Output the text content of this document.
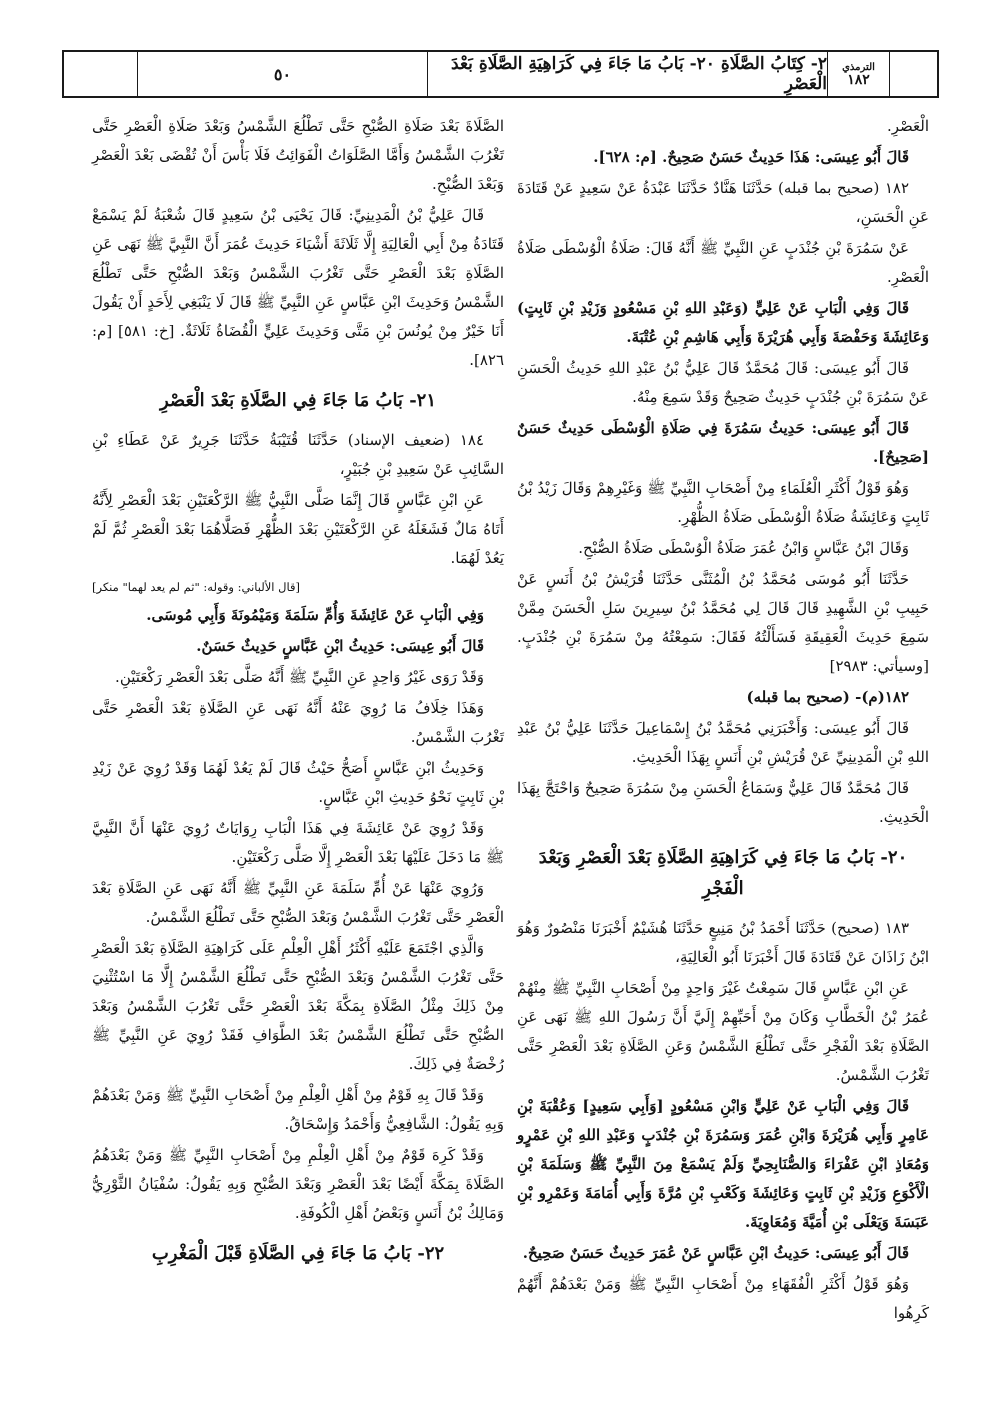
الترمذي
١٨٢
٢- كِتَابُ الصَّلَاةِ ٢٠- بَابُ مَا جَاءَ فِي كَرَاهِيَةِ الصَّلَاةِ بَعْدَ الْعَصْرِ
٥٠

الْعَصْرِ.

قَالَ أَبُو عِيسَى: هَذَا حَدِيثٌ حَسَنٌ صَحِيحٌ. [م: ٦٢٨].

١٨٢ (صحيح بما قبله) حَدَّثَنَا هَنَّادٌ حَدَّثَنَا عَبْدَةُ عَنْ سَعِيدٍ عَنْ قَتَادَةَ عَنِ الْحَسَنِ،

عَنْ سَمُرَةَ بْنِ جُنْدَبٍ عَنِ النَّبِيِّ ﷺ أَنَّهُ قَالَ: صَلَاةُ الْوُسْطَى صَلَاةُ الْعَصْرِ.

قَالَ وَفِي الْبَابِ عَنْ عَلِيٍّ (وَعَبْدِ اللهِ بْنِ مَسْعُودٍ وَزَيْدِ بْنِ ثَابِتٍ) وَعَائِشَةَ وَحَفْصَةَ وَأَبِي هُرَيْرَةَ وَأَبِي هَاشِمِ بْنِ عُتْبَةَ.

قَالَ أَبُو عِيسَى: قَالَ مُحَمَّدٌ قَالَ عَلِيُّ بْنُ عَبْدِ اللهِ حَدِيثُ الْحَسَنِ عَنْ سَمُرَةَ بْنِ جُنْدَبٍ حَدِيثٌ صَحِيحٌ وَقَدْ سَمِعَ مِنْهُ.

قَالَ أَبُو عِيسَى: حَدِيثُ سَمُرَةَ فِي صَلَاةِ الْوُسْطَى حَدِيثٌ حَسَنٌ [صَحِيحٌ].

وَهُوَ قَوْلُ أَكْثَرِ الْعُلَمَاءِ مِنْ أَصْحَابِ النَّبِيِّ ﷺ وَغَيْرِهِمْ وَقَالَ زَيْدُ بْنُ ثَابِتٍ وَعَائِشَةُ صَلَاةُ الْوُسْطَى صَلَاةُ الظُّهْرِ.

وَقَالَ ابْنُ عَبَّاسٍ وَابْنُ عُمَرَ صَلَاةُ الْوُسْطَى صَلَاةُ الصُّبْحِ.

حَدَّثَنَا أَبُو مُوسَى مُحَمَّدُ بْنُ الْمُثَنَّى حَدَّثَنَا قُرَيْشُ بْنُ أَنَسٍ عَنْ حَبِيبِ بْنِ الشَّهِيدِ قَالَ قَالَ لِي مُحَمَّدُ بْنُ سِيرِينَ سَلِ الْحَسَنَ مِمَّنْ سَمِعَ حَدِيثَ الْعَقِيقَةِ فَسَأَلْتُهُ فَقَالَ: سَمِعْتُهُ مِنْ سَمُرَةَ بْنِ جُنْدَبٍ. [وسيأتي: ٢٩٨٣]

١٨٢(م)- (صحيح بما قبله)

قَالَ أَبُو عِيسَى: وَأَخْبَرَنِي مُحَمَّدُ بْنُ إِسْمَاعِيلَ حَدَّثَنَا عَلِيُّ بْنُ عَبْدِ اللهِ بْنِ الْمَدِينِيِّ عَنْ قُرَيْشِ بْنِ أَنَسٍ بِهَذَا الْحَدِيثِ.

قَالَ مُحَمَّدٌ قَالَ عَلِيٌّ وَسَمَاعُ الْحَسَنِ مِنْ سَمُرَةَ صَحِيحٌ وَاحْتَجَّ بِهَذَا الْحَدِيثِ.

٢٠- بَابُ مَا جَاءَ فِي كَرَاهِيَةِ الصَّلَاةِ بَعْدَ الْعَصْرِ وَبَعْدَ الْفَجْرِ

١٨٣ (صحيح) حَدَّثَنَا أَحْمَدُ بْنُ مَنِيعٍ حَدَّثَنَا هُشَيْمٌ أَخْبَرَنَا مَنْصُورٌ وَهُوَ ابْنُ زَاذَانَ عَنْ قَتَادَةَ قَالَ أَخْبَرَنَا أَبُو الْعَالِيَةِ،

عَنِ ابْنِ عَبَّاسٍ قَالَ سَمِعْتُ غَيْرَ وَاحِدٍ مِنْ أَصْحَابِ النَّبِيِّ ﷺ مِنْهُمْ عُمَرُ بْنُ الْخَطَّابِ وَكَانَ مِنْ أَحَبِّهِمْ إِلَيَّ أَنَّ رَسُولَ اللهِ ﷺ نَهَى عَنِ الصَّلَاةِ بَعْدَ الْفَجْرِ حَتَّى تَطْلُعَ الشَّمْسُ وَعَنِ الصَّلَاةِ بَعْدَ الْعَصْرِ حَتَّى تَغْرُبَ الشَّمْسُ.

قَالَ وَفِي الْبَابِ عَنْ عَلِيٍّ وَابْنِ مَسْعُودٍ [وَأَبِي سَعِيدٍ] وَعُقْبَةَ بْنِ عَامِرٍ وَأَبِي هُرَيْرَةَ وَابْنِ عُمَرَ وَسَمُرَةَ بْنِ جُنْدَبٍ وَعَبْدِ اللهِ بْنِ عَمْرٍو وَمُعَاذِ ابْنِ عَفْرَاءَ وَالصُّنَابِحِيِّ وَلَمْ يَسْمَعْ مِنَ النَّبِيِّ ﷺ وَسَلَمَةَ بْنِ الْأَكْوَعِ وَزَيْدِ بْنِ ثَابِتٍ وَعَائِشَةَ وَكَعْبِ بْنِ مُرَّةَ وَأَبِي أُمَامَةَ وَعَمْرِو بْنِ عَبَسَةَ وَيَعْلَى بْنِ أُمَيَّةَ وَمُعَاوِيَةَ.

قَالَ أَبُو عِيسَى: حَدِيثُ ابْنِ عَبَّاسٍ عَنْ عُمَرَ حَدِيثٌ حَسَنٌ صَحِيحٌ.

وَهُوَ قَوْلُ أَكْثَرِ الْفُقَهَاءِ مِنْ أَصْحَابِ النَّبِيِّ ﷺ وَمَنْ بَعْدَهُمْ أَنَّهُمْ كَرِهُوا

الصَّلَاةَ بَعْدَ صَلَاةِ الصُّبْحِ حَتَّى تَطْلُعَ الشَّمْسُ وَبَعْدَ صَلَاةِ الْعَصْرِ حَتَّى تَغْرُبَ الشَّمْسُ وَأَمَّا الصَّلَوَاتُ الْفَوَائِتُ فَلَا بَأْسَ أَنْ تُقْضَى بَعْدَ الْعَصْرِ وَبَعْدَ الصُّبْحِ.

قَالَ عَلِيُّ بْنُ الْمَدِينِيِّ: قَالَ يَحْيَى بْنُ سَعِيدٍ قَالَ شُعْبَةُ لَمْ يَسْمَعْ قَتَادَةُ مِنْ أَبِي الْعَالِيَةِ إِلَّا ثَلَاثَةَ أَشْيَاءَ حَدِيثَ عُمَرَ أَنَّ النَّبِيَّ ﷺ نَهَى عَنِ الصَّلَاةِ بَعْدَ الْعَصْرِ حَتَّى تَغْرُبَ الشَّمْسُ وَبَعْدَ الصُّبْحِ حَتَّى تَطْلُعَ الشَّمْسُ وَحَدِيثَ ابْنِ عَبَّاسٍ عَنِ النَّبِيِّ ﷺ قَالَ لَا يَنْبَغِي لِأَحَدٍ أَنْ يَقُولَ أَنَا خَيْرٌ مِنْ يُونُسَ بْنِ مَتَّى وَحَدِيثَ عَلِيٍّ الْقُضَاةُ ثَلَاثَةٌ. [خ: ٥٨١] [م: ٨٢٦].

٢١- بَابُ مَا جَاءَ فِي الصَّلَاةِ بَعْدَ الْعَصْرِ

١٨٤ (ضعيف الإسناد) حَدَّثَنَا قُتَيْبَةُ حَدَّثَنَا جَرِيرٌ عَنْ عَطَاءِ بْنِ السَّائِبِ عَنْ سَعِيدِ بْنِ جُبَيْرٍ،

عَنِ ابْنِ عَبَّاسٍ قَالَ إِنَّمَا صَلَّى النَّبِيُّ ﷺ الرَّكْعَتَيْنِ بَعْدَ الْعَصْرِ لِأَنَّهُ أَتَاهُ مَالٌ فَشَغَلَهُ عَنِ الرَّكْعَتَيْنِ بَعْدَ الظُّهْرِ فَصَلَّاهُمَا بَعْدَ الْعَصْرِ ثُمَّ لَمْ يَعُدْ لَهُمَا.

[قال الألباني: وقوله: "ثم لم يعد لهما" منكر]

وَفِي الْبَابِ عَنْ عَائِشَةَ وَأُمِّ سَلَمَةَ وَمَيْمُونَةَ وَأَبِي مُوسَى.

قَالَ أَبُو عِيسَى: حَدِيثُ ابْنِ عَبَّاسٍ حَدِيثٌ حَسَنٌ.

وَقَدْ رَوَى غَيْرُ وَاحِدٍ عَنِ النَّبِيِّ ﷺ أَنَّهُ صَلَّى بَعْدَ الْعَصْرِ رَكْعَتَيْنِ.

وَهَذَا خِلَافُ مَا رُوِيَ عَنْهُ أَنَّهُ نَهَى عَنِ الصَّلَاةِ بَعْدَ الْعَصْرِ حَتَّى تَغْرُبَ الشَّمْسُ.

وَحَدِيثُ ابْنِ عَبَّاسٍ أَصَحُّ حَيْثُ قَالَ لَمْ يَعُدْ لَهُمَا وَقَدْ رُوِيَ عَنْ زَيْدِ بْنِ ثَابِتٍ نَحْوُ حَدِيثِ ابْنِ عَبَّاسٍ.

وَقَدْ رُوِيَ عَنْ عَائِشَةَ فِي هَذَا الْبَابِ رِوَايَاتٌ رُوِيَ عَنْهَا أَنَّ النَّبِيَّ ﷺ مَا دَخَلَ عَلَيْهَا بَعْدَ الْعَصْرِ إِلَّا صَلَّى رَكْعَتَيْنِ.

وَرُوِيَ عَنْهَا عَنْ أُمِّ سَلَمَةَ عَنِ النَّبِيِّ ﷺ أَنَّهُ نَهَى عَنِ الصَّلَاةِ بَعْدَ الْعَصْرِ حَتَّى تَغْرُبَ الشَّمْسُ وَبَعْدَ الصُّبْحِ حَتَّى تَطْلُعَ الشَّمْسُ.

وَالَّذِي اجْتَمَعَ عَلَيْهِ أَكْثَرُ أَهْلِ الْعِلْمِ عَلَى كَرَاهِيَةِ الصَّلَاةِ بَعْدَ الْعَصْرِ حَتَّى تَغْرُبَ الشَّمْسُ وَبَعْدَ الصُّبْحِ حَتَّى تَطْلُعَ الشَّمْسُ إِلَّا مَا اسْتُثْنِيَ مِنْ ذَلِكَ مِثْلُ الصَّلَاةِ بِمَكَّةَ بَعْدَ الْعَصْرِ حَتَّى تَغْرُبَ الشَّمْسُ وَبَعْدَ الصُّبْحِ حَتَّى تَطْلُعَ الشَّمْسُ بَعْدَ الطَّوَافِ فَقَدْ رُوِيَ عَنِ النَّبِيِّ ﷺ رُخْصَةٌ فِي ذَلِكَ.

وَقَدْ قَالَ بِهِ قَوْمٌ مِنْ أَهْلِ الْعِلْمِ مِنْ أَصْحَابِ النَّبِيِّ ﷺ وَمَنْ بَعْدَهُمْ وَبِهِ يَقُولُ: الشَّافِعِيُّ وَأَحْمَدُ وَإِسْحَاقُ.

وَقَدْ كَرِهَ قَوْمٌ مِنْ أَهْلِ الْعِلْمِ مِنْ أَصْحَابِ النَّبِيِّ ﷺ وَمَنْ بَعْدَهُمُ الصَّلَاةَ بِمَكَّةَ أَيْضًا بَعْدَ الْعَصْرِ وَبَعْدَ الصُّبْحِ وَبِهِ يَقُولُ: سُفْيَانُ الثَّوْرِيُّ وَمَالِكُ بْنُ أَنَسٍ وَبَعْضُ أَهْلِ الْكُوفَةِ.

٢٢- بَابُ مَا جَاءَ فِي الصَّلَاةِ قَبْلَ الْمَغْرِبِ
